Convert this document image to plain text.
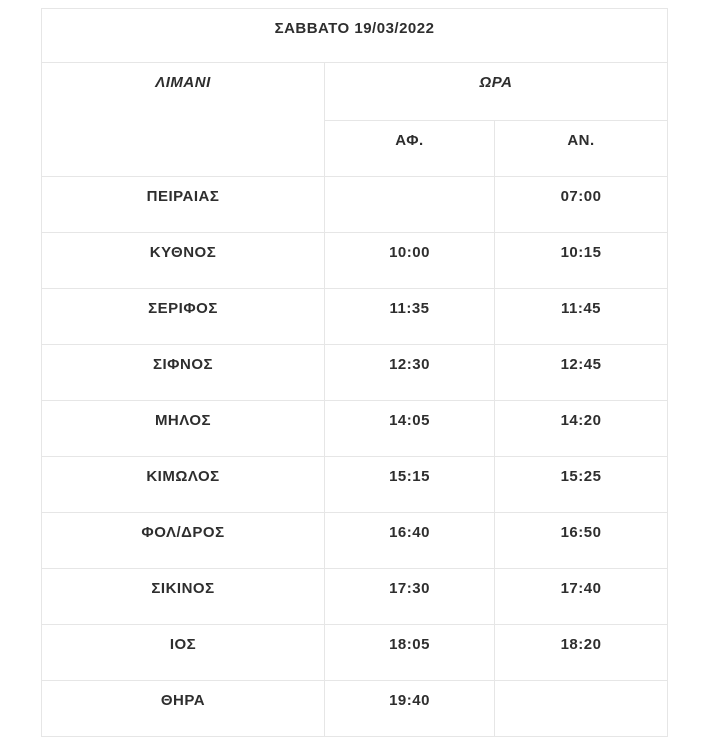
ΣΑΒΒΑΤΟ 19/03/2022		
ΛΙΜΑΝΙ	ΩΡΑ	
	ΑΦ.	ΑΝ.
ΠΕΙΡΑΙΑΣ		07:00
ΚΥΘΝΟΣ	10:00	10:15
ΣΕΡΙΦΟΣ	11:35	11:45
ΣΙΦΝΟΣ	12:30	12:45
ΜΗΛΟΣ	14:05	14:20
ΚΙΜΩΛΟΣ	15:15	15:25
ΦΟΛ/ΔΡΟΣ	16:40	16:50
ΣΙΚΙΝΟΣ	17:30	17:40
ΙΟΣ	18:05	18:20
ΘΗΡΑ	19:40	
